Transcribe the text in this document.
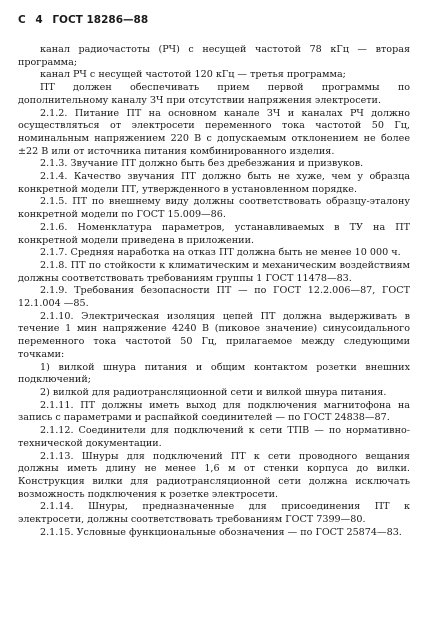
С 4 ГОСТ 18286—88

канал радиочастоты (РЧ) с несущей частотой 78 кГц — вторая программа;

канал РЧ с несущей частотой 120 кГц — третья программа;

ПТ должен обеспечивать прием первой программы по дополнительному каналу ЗЧ при отсутствии напряжения электросети.

2.1.2. Питание ПТ на основном канале ЗЧ и каналах РЧ должно осуществляться от электросети переменного тока частотой 50 Гц, номинальным напряжением 220 В с допускаемым отклонением не более ±22 В или от источника питания комбинированного изделия.

2.1.3. Звучание ПТ должно быть без дребезжания и призвуков.

2.1.4. Качество звучания ПТ должно быть не хуже, чем у образца конкретной модели ПТ, утвержденного в установленном порядке.

2.1.5. ПТ по внешнему виду должны соответствовать образцу-эталону конкретной модели по ГОСТ 15.009—86.

2.1.6. Номенклатура параметров, устанавливаемых в ТУ на ПТ конкретной модели приведена в приложении.

2.1.7. Средняя наработка на отказ ПТ должна быть не менее 10 000 ч.

2.1.8. ПТ по стойкости к климатическим и механическим воздействиям должны соответствовать требованиям группы 1 ГОСТ 11478—83.

2.1.9. Требования безопасности ПТ — по ГОСТ 12.2.006—87, ГОСТ 12.1.004 —85.

2.1.10. Электрическая изоляция цепей ПТ должна выдерживать в течение 1 мин напряжение 4240 В (пиковое значение) синусоидального переменного тока частотой 50 Гц, прилагаемое между следующими точками:

1) вилкой шнура питания и общим контактом розетки внешних подключений;

2) вилкой для радиотрансляционной сети и вилкой шнура питания.

2.1.11. ПТ должны иметь выход для подключения магнитофона на запись с параметрами и распайкой соединителей — по ГОСТ 24838—87.

2.1.12. Соединители для подключений к сети ТПВ — по нормативно-технической документации.

2.1.13. Шнуры для подключений ПТ к сети проводного вещания должны иметь длину не менее 1,6 м от стенки корпуса до вилки. Конструкция вилки для радиотрансляционной сети должна исключать возможность подключения к розетке электросети.

2.1.14. Шнуры, предназначенные для присоединения ПТ к электросети, должны соответствовать требованиям ГОСТ 7399—80.

2.1.15. Условные функциональные обозначения — по ГОСТ 25874—83.
